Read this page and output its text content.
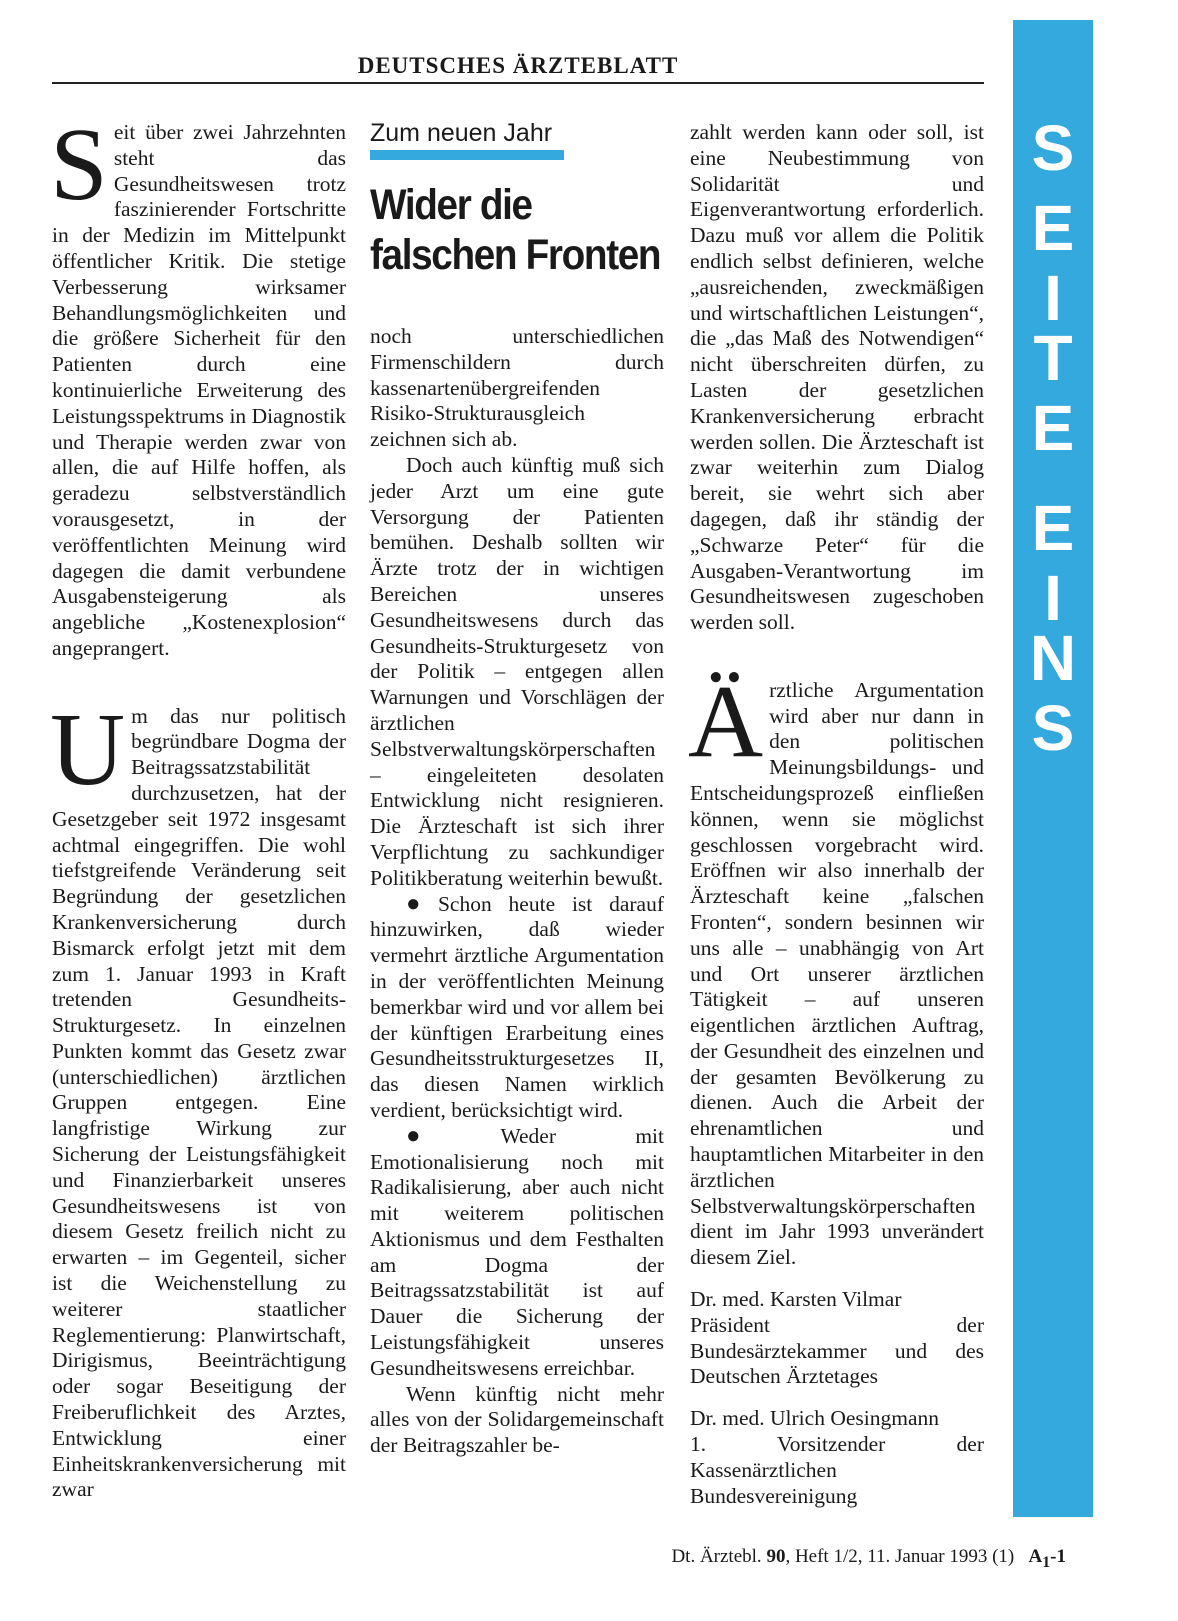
DEUTSCHES ÄRZTEBLATT
S
E
I
T
E
E
I
N
S

Seit über zwei Jahrzehnten steht das Gesundheitswesen trotz faszinierender Fortschritte in der Medizin im Mittelpunkt öffentlicher Kritik. Die stetige Verbesserung wirksamer Behandlungsmöglichkeiten und die größere Sicherheit für den Patienten durch eine kontinuierliche Erweiterung des Leistungsspektrums in Diagnostik und Therapie werden zwar von allen, die auf Hilfe hoffen, als geradezu selbstverständlich vorausgesetzt, in der veröffentlichten Meinung wird dagegen die damit verbundene Ausgabensteigerung als angebliche „Kostenexplosion“ angeprangert.

Um das nur politisch begründbare Dogma der Beitragssatzstabilität durchzusetzen, hat der Gesetzgeber seit 1972 insgesamt achtmal eingegriffen. Die wohl tiefstgreifende Veränderung seit Begründung der gesetzlichen Krankenversicherung durch Bismarck erfolgt jetzt mit dem zum 1. Januar 1993 in Kraft tretenden Gesundheits-Strukturgesetz. In einzelnen Punkten kommt das Gesetz zwar (unterschiedlichen) ärztlichen Gruppen entgegen. Eine langfristige Wirkung zur Sicherung der Leistungsfähigkeit und Finanzierbarkeit unseres Gesundheitswesens ist von diesem Gesetz freilich nicht zu erwarten – im Gegenteil, sicher ist die Weichenstellung zu weiterer staatlicher Reglementierung: Planwirtschaft, Dirigismus, Beeinträchtigung oder sogar Beseitigung der Freiberuflichkeit des Arztes, Entwicklung einer Einheitskrankenversicherung mit zwar

Zum neuen Jahr
Wider die falschen Fronten

noch unterschiedlichen Firmenschildern durch kassenartenübergreifenden Risiko-Strukturausgleich zeichnen sich ab.

Doch auch künftig muß sich jeder Arzt um eine gute Versorgung der Patienten bemühen. Deshalb sollten wir Ärzte trotz der in wichtigen Bereichen unseres Gesundheitswesens durch das Gesundheits-Strukturgesetz von der Politik – entgegen allen Warnungen und Vorschlägen der ärztlichen Selbstverwaltungskörperschaften – eingeleiteten desolaten Entwicklung nicht resignieren. Die Ärzteschaft ist sich ihrer Verpflichtung zu sachkundiger Politikberatung weiterhin bewußt.

● Schon heute ist darauf hinzuwirken, daß wieder vermehrt ärztliche Argumentation in der veröffentlichten Meinung bemerkbar wird und vor allem bei der künftigen Erarbeitung eines Gesundheitsstrukturgesetzes II, das diesen Namen wirklich verdient, berücksichtigt wird.

● Weder mit Emotionalisierung noch mit Radikalisierung, aber auch nicht mit weiterem politischen Aktionismus und dem Festhalten am Dogma der Beitragssatzstabilität ist auf Dauer die Sicherung der Leistungsfähigkeit unseres Gesundheitswesens erreichbar.

Wenn künftig nicht mehr alles von der Solidargemeinschaft der Beitragszahler be-

zahlt werden kann oder soll, ist eine Neubestimmung von Solidarität und Eigenverantwortung erforderlich. Dazu muß vor allem die Politik endlich selbst definieren, welche „ausreichenden, zweckmäßigen und wirtschaftlichen Leistungen“, die „das Maß des Notwendigen“ nicht überschreiten dürfen, zu Lasten der gesetzlichen Krankenversicherung erbracht werden sollen. Die Ärzteschaft ist zwar weiterhin zum Dialog bereit, sie wehrt sich aber dagegen, daß ihr ständig der „Schwarze Peter“ für die Ausgaben-Verantwortung im Gesundheitswesen zugeschoben werden soll.

Ärztliche Argumentation wird aber nur dann in den politischen Meinungsbildungs- und Entscheidungsprozeß einfließen können, wenn sie möglichst geschlossen vorgebracht wird. Eröffnen wir also innerhalb der Ärzteschaft keine „falschen Fronten“, sondern besinnen wir uns alle – unabhängig von Art und Ort unserer ärztlichen Tätigkeit – auf unseren eigentlichen ärztlichen Auftrag, der Gesundheit des einzelnen und der gesamten Bevölkerung zu dienen. Auch die Arbeit der ehrenamtlichen und hauptamtlichen Mitarbeiter in den ärztlichen Selbstverwaltungskörperschaften dient im Jahr 1993 unverändert diesem Ziel.

Dr. med. Karsten Vilmar

Präsident der Bundesärztekammer und des Deutschen Ärztetages

Dr. med. Ulrich Oesingmann

1. Vorsitzender der Kassenärztlichen Bundesvereinigung

Dt. Ärztebl. 90, Heft 1/2, 11. Januar 1993 (1) $A_1-1$
